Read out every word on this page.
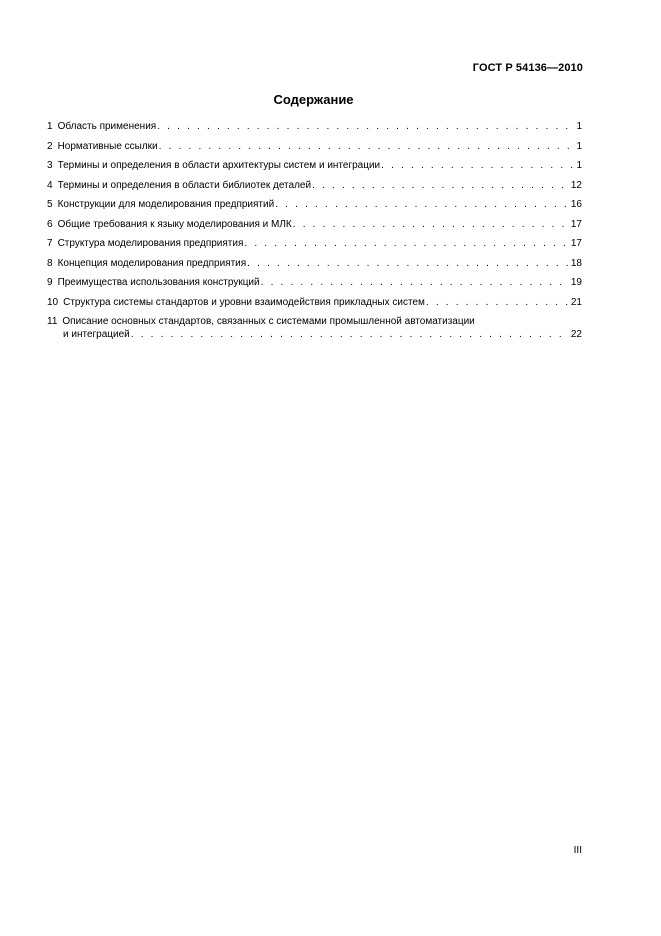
ГОСТ Р 54136—2010
Содержание
1 Область применения . . .	1
2 Нормативные ссылки . . .	1
3 Термины и определения в области архитектуры систем и интеграции . . .	1
4 Термины и определения в области библиотек деталей . . .	12
5 Конструкции для моделирования предприятий . . .	16
6 Общие требования к языку моделирования и МЛК . . .	17
7 Структура моделирования предприятия . . .	17
8 Концепция моделирования предприятия . . .	18
9 Преимущества использования конструкций . . .	19
10 Структура системы стандартов и уровни взаимодействия прикладных систем . . .	21
11 Описание основных стандартов, связанных с системами промышленной автоматизации
и интеграцией . . .	22
III
